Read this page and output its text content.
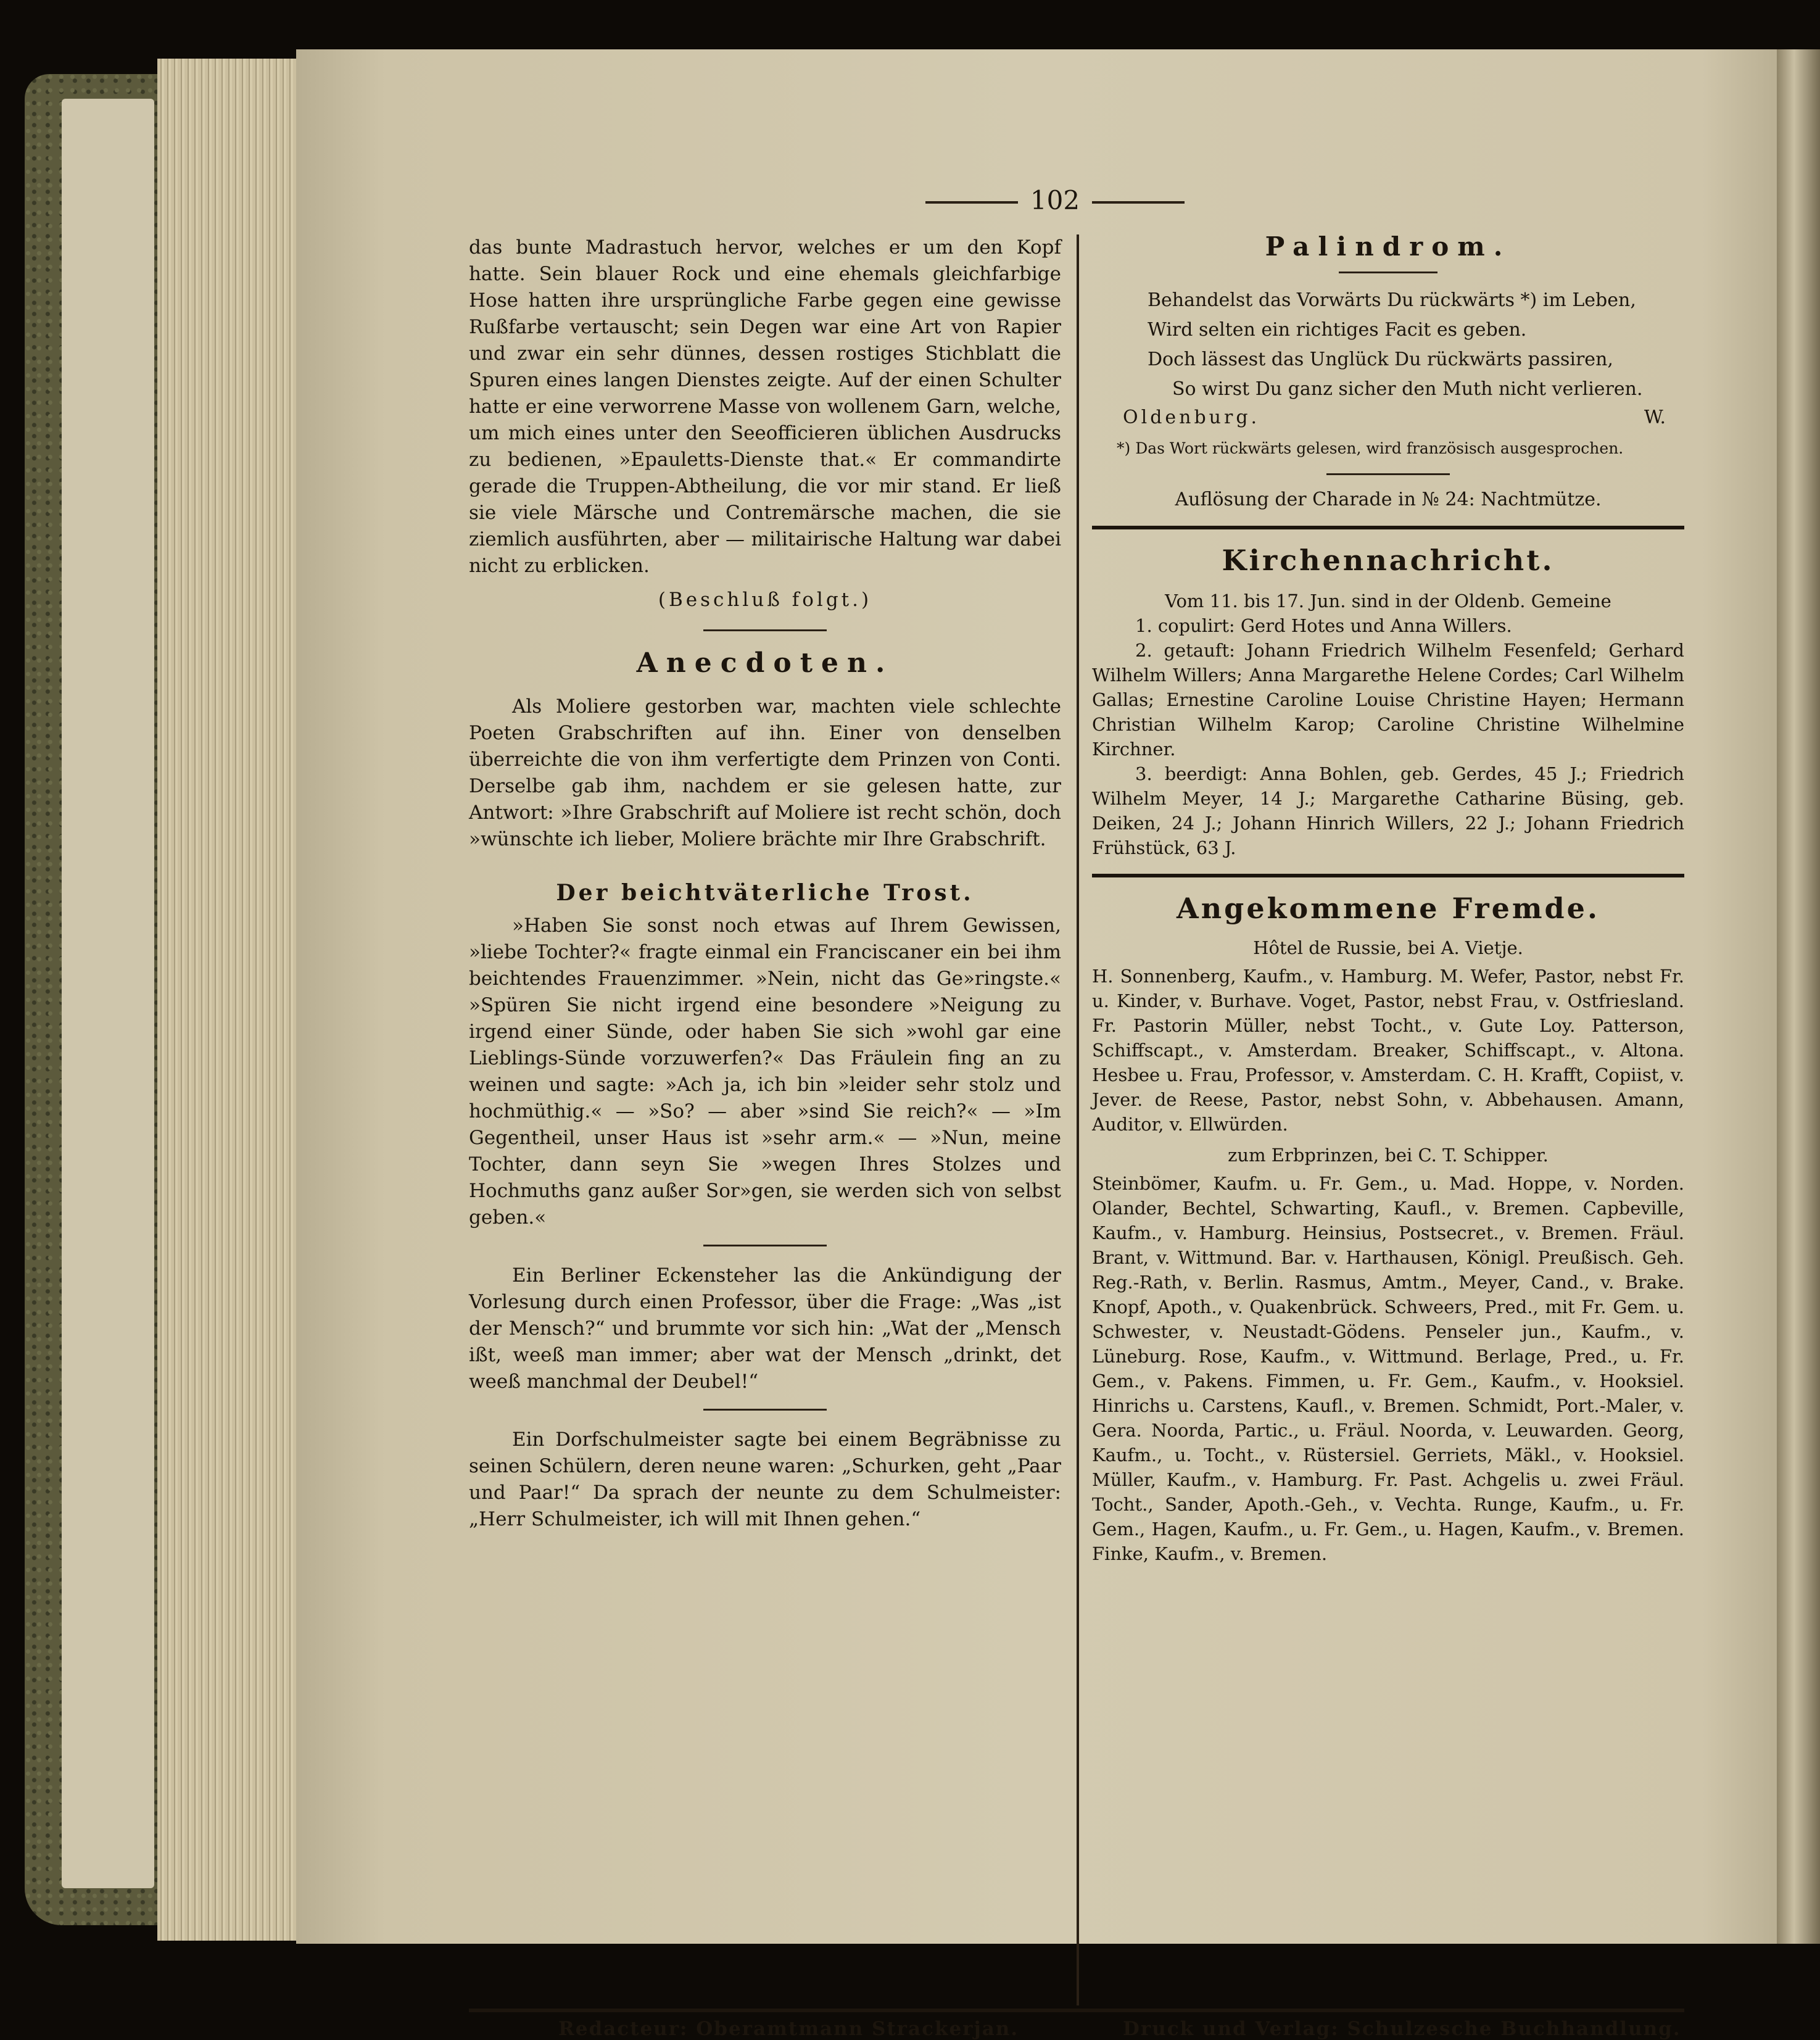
102

das bunte Madrastuch hervor, welches er um den Kopf hatte. Sein blauer Rock und eine ehemals gleichfarbige Hose hatten ihre ursprüngliche Farbe gegen eine gewisse Rußfarbe vertauscht; sein Degen war eine Art von Rapier und zwar ein sehr dünnes, dessen rostiges Stichblatt die Spuren eines langen Dienstes zeigte. Auf der einen Schulter hatte er eine verworrene Masse von wollenem Garn, welche, um mich eines unter den Seeofficieren üblichen Ausdrucks zu bedienen, »Epauletts-Dienste that.« Er commandirte gerade die Truppen-Abtheilung, die vor mir stand. Er ließ sie viele Märsche und Contremärsche machen, die sie ziemlich ausführten, aber — militairische Haltung war dabei nicht zu erblicken.

(Beschluß folgt.)

Anecdoten.

Als Moliere gestorben war, machten viele schlechte Poeten Grabschriften auf ihn. Einer von denselben überreichte die von ihm verfertigte dem Prinzen von Conti. Derselbe gab ihm, nachdem er sie gelesen hatte, zur Antwort: »Ihre Grabschrift auf Moliere ist recht schön, doch »wünschte ich lieber, Moliere brächte mir Ihre Grabschrift.

Der beichtväterliche Trost.

»Haben Sie sonst noch etwas auf Ihrem Gewissen, »liebe Tochter?« fragte einmal ein Franciscaner ein bei ihm beichtendes Frauenzimmer. »Nein, nicht das Ge»ringste.« »Spüren Sie nicht irgend eine besondere »Neigung zu irgend einer Sünde, oder haben Sie sich »wohl gar eine Lieblings-Sünde vorzuwerfen?« Das Fräulein fing an zu weinen und sagte: »Ach ja, ich bin »leider sehr stolz und hochmüthig.« — »So? — aber »sind Sie reich?« — »Im Gegentheil, unser Haus ist »sehr arm.« — »Nun, meine Tochter, dann seyn Sie »wegen Ihres Stolzes und Hochmuths ganz außer Sor»gen, sie werden sich von selbst geben.«

Ein Berliner Eckensteher las die Ankündigung der Vorlesung durch einen Professor, über die Frage: „Was „ist der Mensch?“ und brummte vor sich hin: „Wat der „Mensch ißt, weeß man immer; aber wat der Mensch „drinkt, det weeß manchmal der Deubel!“

Ein Dorfschulmeister sagte bei einem Begräbnisse zu seinen Schülern, deren neune waren: „Schurken, geht „Paar und Paar!“ Da sprach der neunte zu dem Schulmeister: „Herr Schulmeister, ich will mit Ihnen gehen.“

Palindrom.
Behandelst das Vorwärts Du rückwärts *) im Leben,
Wird selten ein richtiges Facit es geben.
Doch lässest das Unglück Du rückwärts passiren,
So wirst Du ganz sicher den Muth nicht verlieren.
Oldenburg.	W.

*) Das Wort rückwärts gelesen, wird französisch ausgesprochen.

Auflösung der Charade in № 24: Nachtmütze.

Kirchennachricht.

Vom 11. bis 17. Jun. sind in der Oldenb. Gemeine

1. copulirt: Gerd Hotes und Anna Willers.

2. getauft: Johann Friedrich Wilhelm Fesenfeld; Gerhard Wilhelm Willers; Anna Margarethe Helene Cordes; Carl Wilhelm Gallas; Ernestine Caroline Louise Christine Hayen; Hermann Christian Wilhelm Karop; Caroline Christine Wilhelmine Kirchner.

3. beerdigt: Anna Bohlen, geb. Gerdes, 45 J.; Friedrich Wilhelm Meyer, 14 J.; Margarethe Catharine Büsing, geb. Deiken, 24 J.; Johann Hinrich Willers, 22 J.; Johann Friedrich Frühstück, 63 J.

Angekommene Fremde.

Hôtel de Russie, bei A. Vietje.

H. Sonnenberg, Kaufm., v. Hamburg. M. Wefer, Pastor, nebst Fr. u. Kinder, v. Burhave. Voget, Pastor, nebst Frau, v. Ostfriesland. Fr. Pastorin Müller, nebst Tocht., v. Gute Loy. Patterson, Schiffscapt., v. Amsterdam. Breaker, Schiffscapt., v. Altona. Hesbee u. Frau, Professor, v. Amsterdam. C. H. Krafft, Copiist, v. Jever. de Reese, Pastor, nebst Sohn, v. Abbehausen. Amann, Auditor, v. Ellwürden.

zum Erbprinzen, bei C. T. Schipper.

Steinbömer, Kaufm. u. Fr. Gem., u. Mad. Hoppe, v. Norden. Olander, Bechtel, Schwarting, Kaufl., v. Bremen. Capbeville, Kaufm., v. Hamburg. Heinsius, Postsecret., v. Bremen. Fräul. Brant, v. Wittmund. Bar. v. Harthausen, Königl. Preußisch. Geh. Reg.-Rath, v. Berlin. Rasmus, Amtm., Meyer, Cand., v. Brake. Knopf, Apoth., v. Quakenbrück. Schweers, Pred., mit Fr. Gem. u. Schwester, v. Neustadt-Gödens. Penseler jun., Kaufm., v. Lüneburg. Rose, Kaufm., v. Wittmund. Berlage, Pred., u. Fr. Gem., v. Pakens. Fimmen, u. Fr. Gem., Kaufm., v. Hooksiel. Hinrichs u. Carstens, Kaufl., v. Bremen. Schmidt, Port.-Maler, v. Gera. Noorda, Partic., u. Fräul. Noorda, v. Leuwarden. Georg, Kaufm., u. Tocht., v. Rüstersiel. Gerriets, Mäkl., v. Hooksiel. Müller, Kaufm., v. Hamburg. Fr. Past. Achgelis u. zwei Fräul. Tocht., Sander, Apoth.-Geh., v. Vechta. Runge, Kaufm., u. Fr. Gem., Hagen, Kaufm., u. Fr. Gem., u. Hagen, Kaufm., v. Bremen. Finke, Kaufm., v. Bremen.

Redacteur: Oberamtmann Strackerjan.	Druck und Verlag: Schulzesche Buchhandlung.
